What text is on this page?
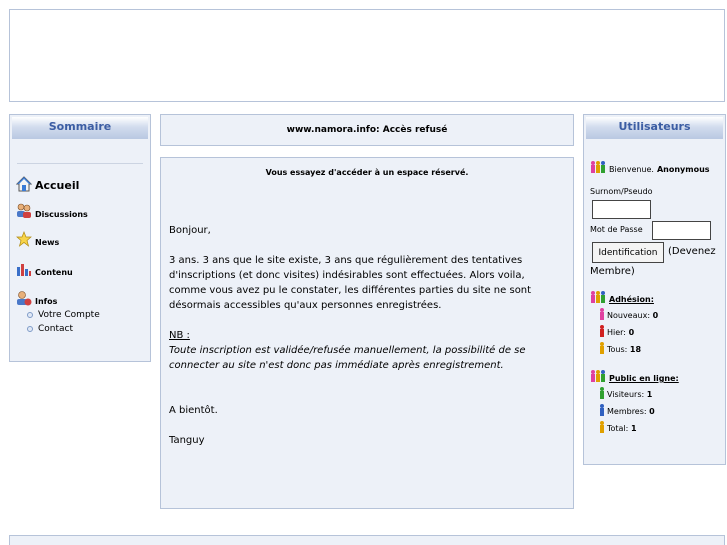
Sommaire
Accueil
Discussions
News
Contenu
Infos
Votre Compte
Contact
www.namora.info: Accès refusé
Vous essayez d'accéder à un espace réservé.

Bonjour,

3 ans. 3 ans que le site existe, 3 ans que régulièrement des tentatives d'inscriptions (et donc visites) indésirables sont effectuées. Alors voila, comme vous avez pu le constater, les différentes parties du site ne sont désormais accessibles qu'aux personnes enregistrées.

NB :

Toute inscription est validée/refusée manuellement, la possibilité de se connecter au site n'est donc pas immédiate après enregistrement.

A bientôt.

Tanguy

Utilisateurs
Bienvenue. Anonymous
Surnom/Pseudo
Mot de Passe
Identification	(Devenez
Membre)
Adhésion:
Nouveaux:
0
Hier:
0
Tous:
18
Public en ligne:
Visiteurs:
1
Membres:
0
Total:
1
